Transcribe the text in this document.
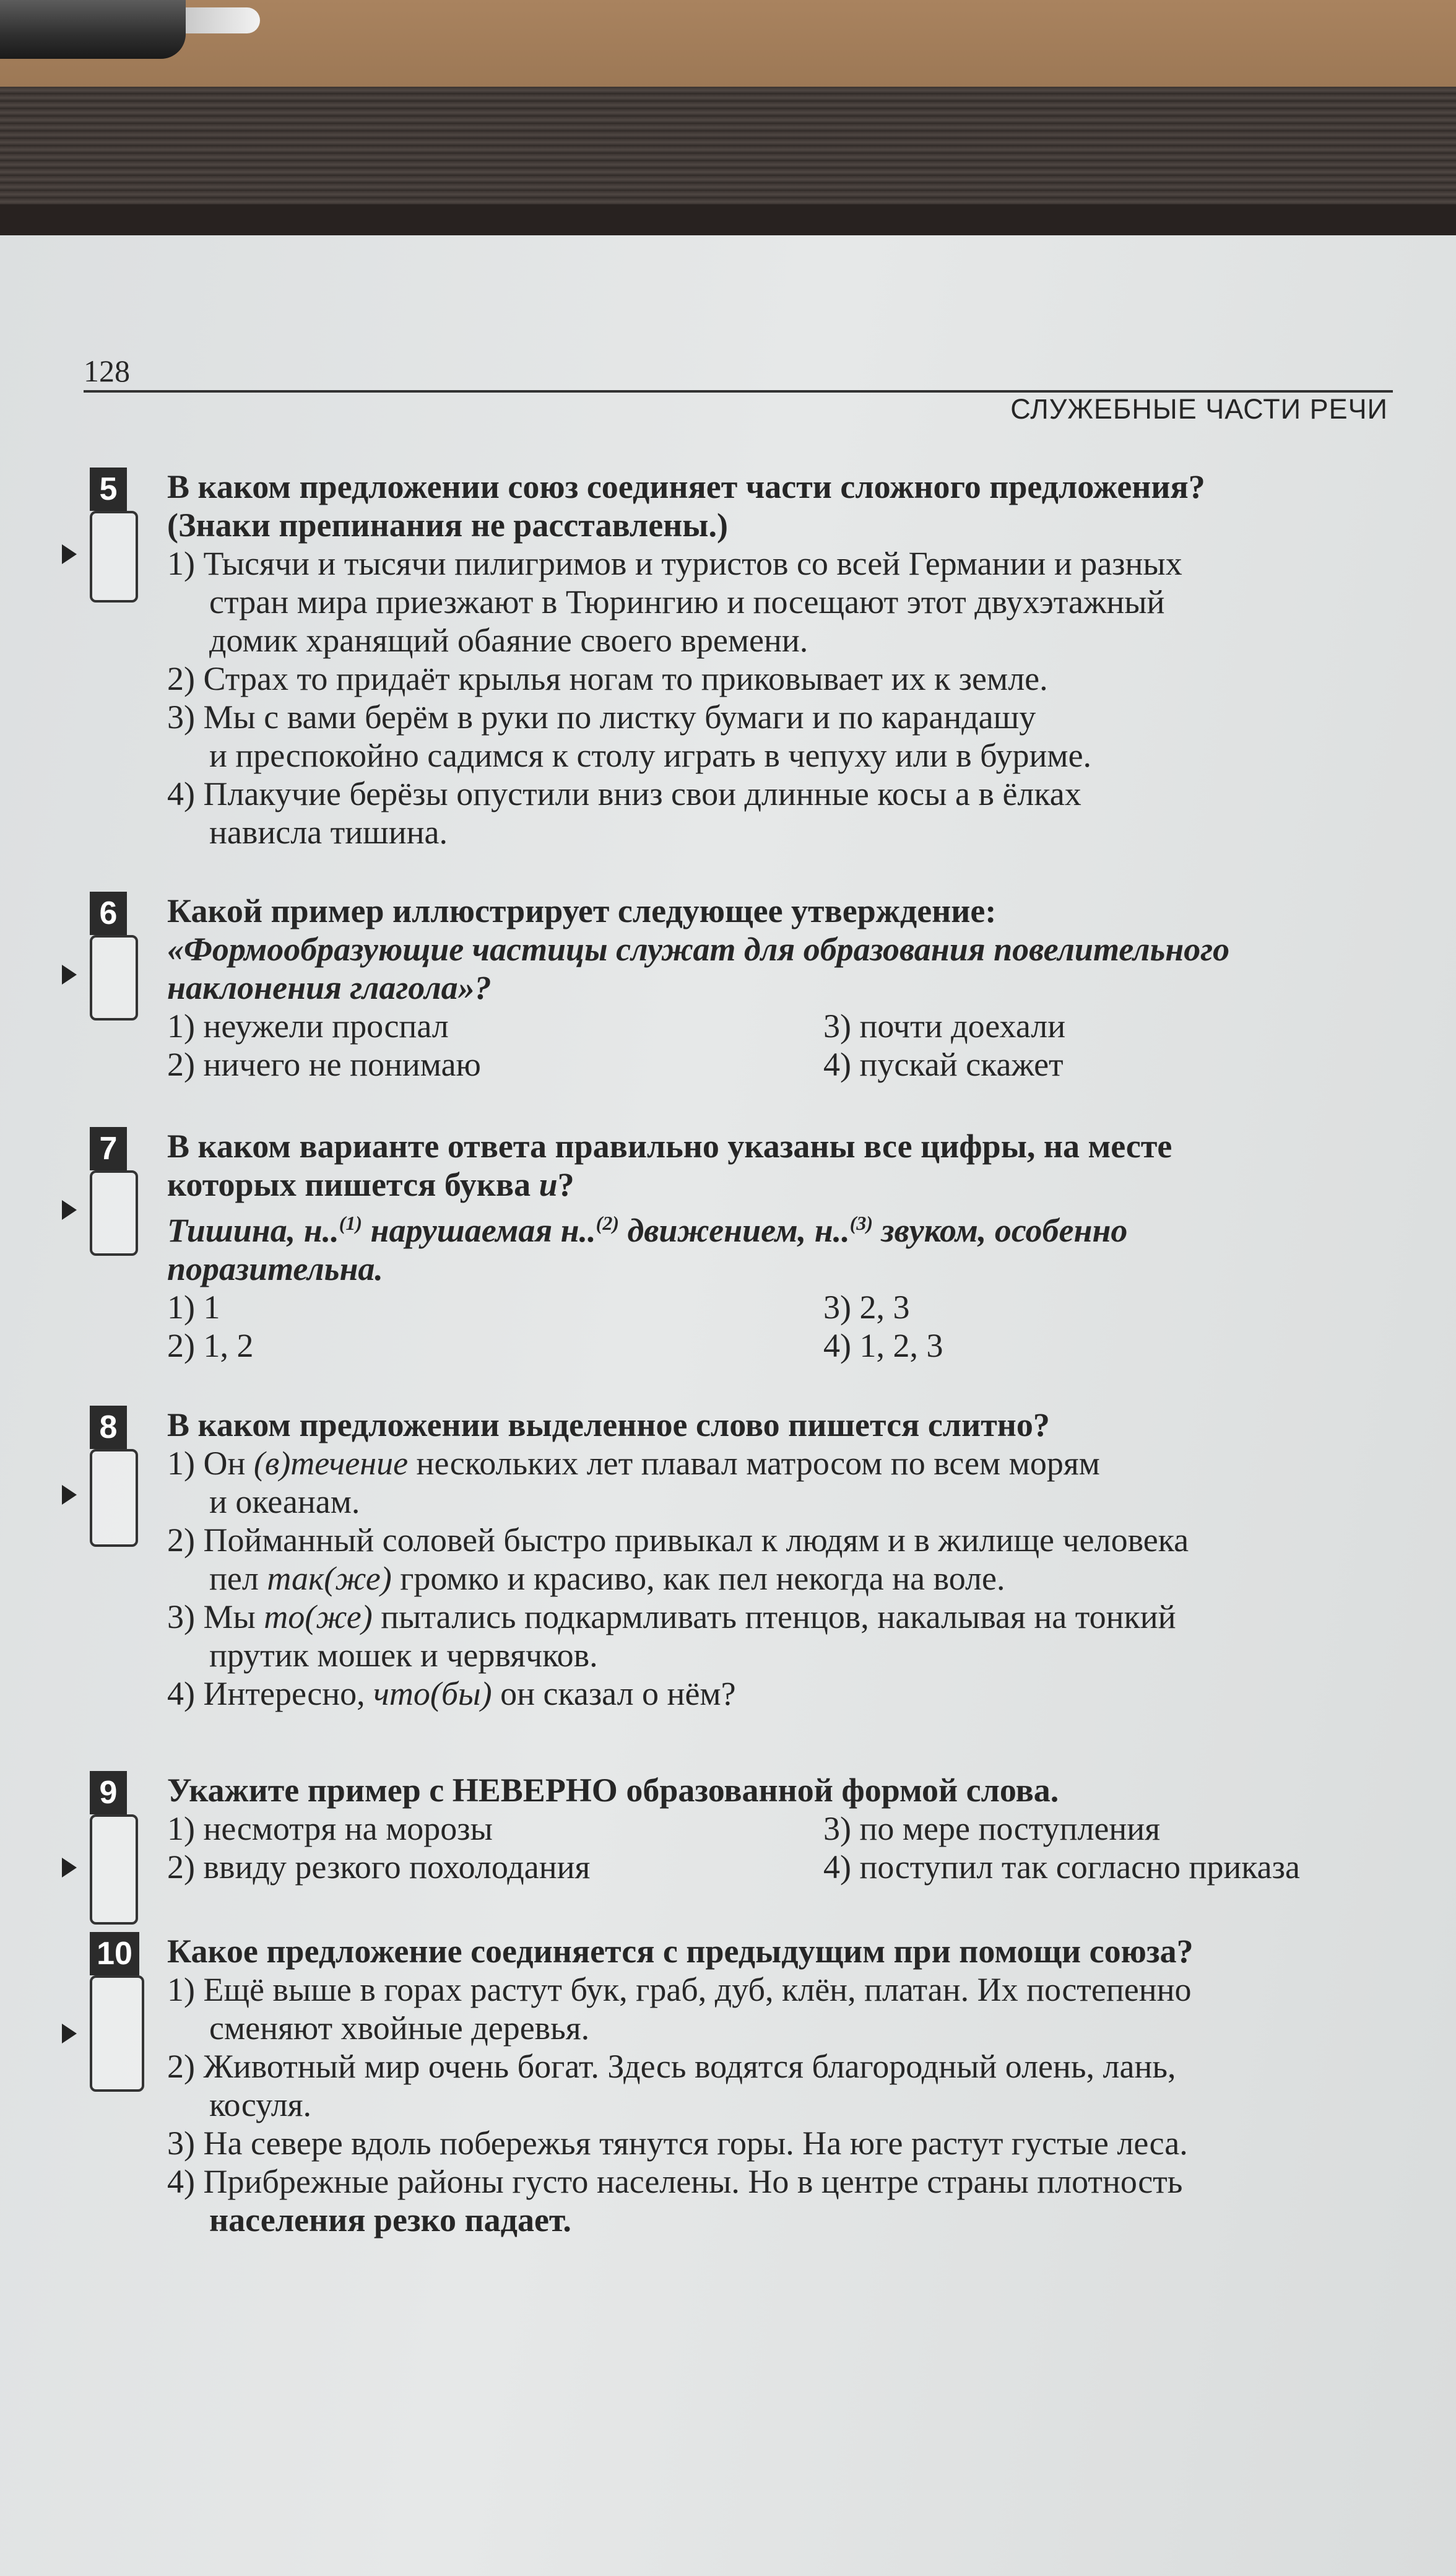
128
СЛУЖЕБНЫЕ ЧАСТИ РЕЧИ
5 В каком предложении союз соединяет части сложного предложения?
(Знаки препинания не расставлены.)
1) Тысячи и тысячи пилигримов и туристов со всей Германии и разных
стран мира приезжают в Тюрингию и посещают этот двухэтажный
домик хранящий обаяние своего времени.
2) Страх то придаёт крылья ногам то приковывает их к земле.
3) Мы с вами берём в руки по листку бумаги и по карандашу
и преспокойно садимся к столу играть в чепуху или в буриме.
4) Плакучие берёзы опустили вниз свои длинные косы а в ёлках
нависла тишина.
6 Какой пример иллюстрирует следующее утверждение:
«Формообразующие частицы служат для образования повелительного
наклонения глагола»?
1) неужели проспал	3) почти доехали
2) ничего не понимаю	4) пускай скажет
7 В каком варианте ответа правильно указаны все цифры, на месте
которых пишется буква и?
Тишина, н..$^{(1)}$ нарушаемая н..$^{(2)}$ движением, н..$^{(3)}$ звуком, особенно
поразительна.
1) 1	3) 2, 3
2) 1, 2	4) 1, 2, 3
8 В каком предложении выделенное слово пишется слитно?
1) Он (в)течение нескольких лет плавал матросом по всем морям
и океанам.
2) Пойманный соловей быстро привыкал к людям и в жилище человека
пел так(же) громко и красиво, как пел некогда на воле.
3) Мы то(же) пытались подкармливать птенцов, накалывая на тонкий
прутик мошек и червячков.
4) Интересно, что(бы) он сказал о нём?
9 Укажите пример с НЕВЕРНО образованной формой слова.
1) несмотря на морозы	3) по мере поступления
2) ввиду резкого похолодания	4) поступил так согласно приказа
10 Какое предложение соединяется с предыдущим при помощи союза?
1) Ещё выше в горах растут бук, граб, дуб, клён, платан. Их постепенно
сменяют хвойные деревья.
2) Животный мир очень богат. Здесь водятся благородный олень, лань,
косуля.
3) На севере вдоль побережья тянутся горы. На юге растут густые леса.
4) Прибрежные районы густо населены. Но в центре страны плотность
населения резко падает.
